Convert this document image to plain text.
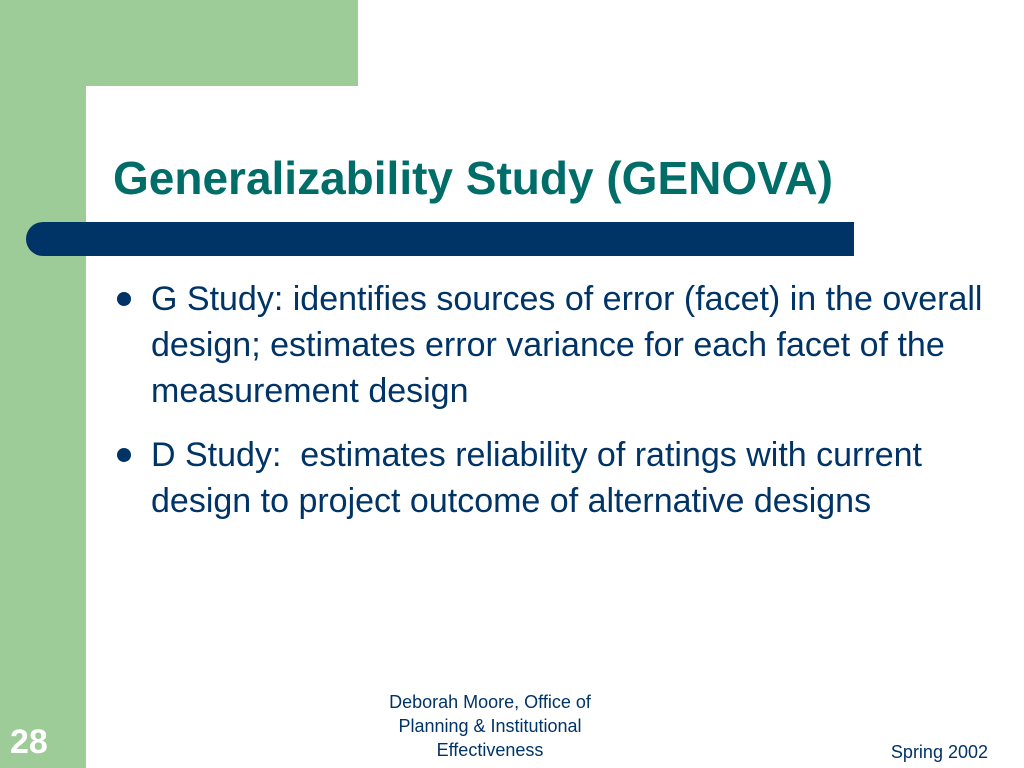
Generalizability Study (GENOVA)
G Study: identifies sources of error (facet) in the overall design; estimates error variance for each facet of the measurement design
D Study:  estimates reliability of ratings with current design to project outcome of alternative designs
28
Deborah Moore, Office of Planning & Institutional Effectiveness	Spring 2002
